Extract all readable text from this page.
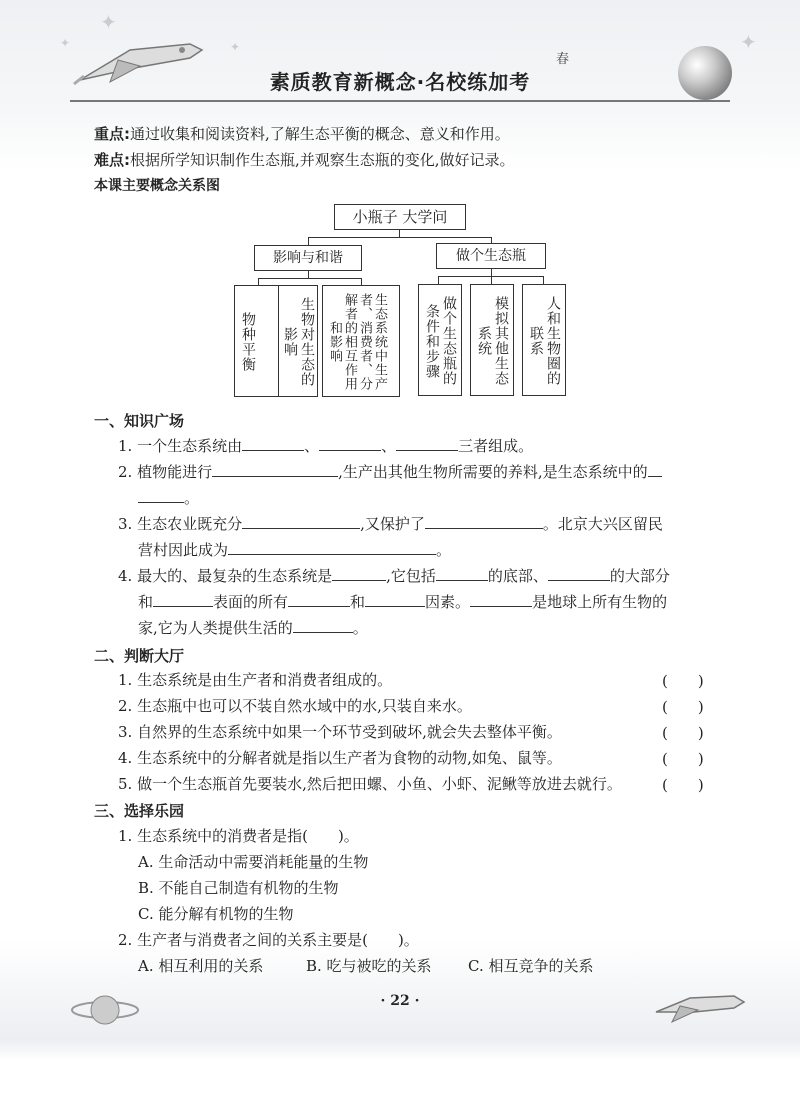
✦
✦	✦	✦
春
素质教育新概念·名校练加考
重点:通过收集和阅读资料,了解生态平衡的概念、意义和作用。
难点:根据所学知识制作生态瓶,并观察生态瓶的变化,做好记录。
本课主要概念关系图
小瓶子 大学问
影响与和谐	做个生态瓶
物种平衡	生态系统中生产者、消费者、分解者的相互作用和影响	做个生态瓶的条件和步骤	模拟其他生态系统	人和生物圈的联系
一、知识广场
1. 一个生态系统由	、	、	三者组成。
2. 植物能进行	,生产出其他生物所需要的养料,是生态系统中的
。
3. 生态农业既充分	,又保护了	。北京大兴区留民
营村因此成为	。
4. 最大的、最复杂的生态系统是	,它包括	的底部、	的大部分
和	表面的所有	和	因素。	是地球上所有生物的
家,它为人类提供生活的	。
二、判断大厅
1. 生态系统是由生产者和消费者组成的。	(　　)
2. 生态瓶中也可以不装自然水域中的水,只装自来水。	(　　)
3. 自然界的生态系统中如果一个环节受到破坏,就会失去整体平衡。	(　　)
4. 生态系统中的分解者就是指以生产者为食物的动物,如兔、鼠等。	(　　)
5. 做一个生态瓶首先要装水,然后把田螺、小鱼、小虾、泥鳅等放进去就行。	(　　)
三、选择乐园
1. 生态系统中的消费者是指(　　)。
A. 生命活动中需要消耗能量的生物
B. 不能自己制造有机物的生物
C. 能分解有机物的生物
2. 生产者与消费者之间的关系主要是(　　)。
A. 相互利用的关系	B. 吃与被吃的关系 C. 相互竞争的关系
· 22 ·
生物对生态的影响
